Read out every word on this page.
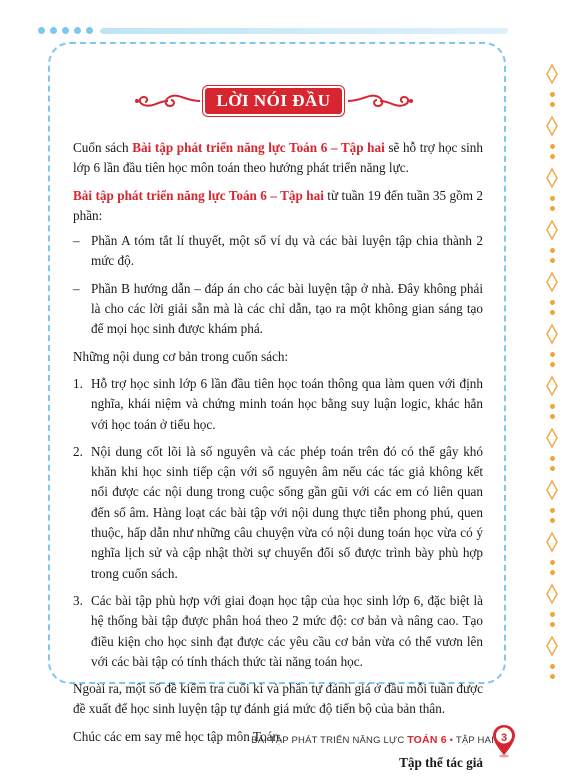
LỜI NÓI ĐẦU

Cuốn sách Bài tập phát triển năng lực Toán 6 – Tập hai sẽ hỗ trợ học sinh lớp 6 lần đầu tiên học môn toán theo hướng phát triển năng lực.

Bài tập phát triển năng lực Toán 6 – Tập hai từ tuần 19 đến tuần 35 gồm 2 phần:

– Phần A tóm tắt lí thuyết, một số ví dụ và các bài luyện tập chia thành 2 mức độ.
– Phần B hướng dẫn – đáp án cho các bài luyện tập ở nhà. Đây không phải là cho các lời giải sẵn mà là các chỉ dẫn, tạo ra một không gian sáng tạo để mọi học sinh được khám phá.

Những nội dung cơ bản trong cuốn sách:

1. Hỗ trợ học sinh lớp 6 lần đầu tiên học toán thông qua làm quen với định nghĩa, khái niệm và chứng minh toán học bằng suy luận logic, khác hẳn với học toán ở tiểu học.
2. Nội dung cốt lõi là số nguyên và các phép toán trên đó có thể gây khó khăn khi học sinh tiếp cận với số nguyên âm nếu các tác giả không kết nối được các nội dung trong cuộc sống gần gũi với các em có liên quan đến số âm. Hàng loạt các bài tập với nội dung thực tiễn phong phú, quen thuộc, hấp dẫn như những câu chuyện vừa có nội dung toán học vừa có ý nghĩa lịch sử và cập nhật thời sự chuyển đổi số được trình bày phù hợp trong cuốn sách.
3. Các bài tập phù hợp với giai đoạn học tập của học sinh lớp 6, đặc biệt là hệ thống bài tập được phân hoá theo 2 mức độ: cơ bản và nâng cao. Tạo điều kiện cho học sinh đạt được các yêu cầu cơ bản vừa có thể vươn lên với các bài tập có tính thách thức tài năng toán học.

Ngoài ra, một số đề kiểm tra cuối kì và phần tự đánh giá ở đầu mỗi tuần được đề xuất để học sinh luyện tập tự đánh giá mức độ tiến bộ của bản thân.

Chúc các em say mê học tập môn Toán.

Tập thể tác giả
BÀI TẬP PHÁT TRIỂN NĂNG LỰC TOÁN 6 • TẬP HAI 3
